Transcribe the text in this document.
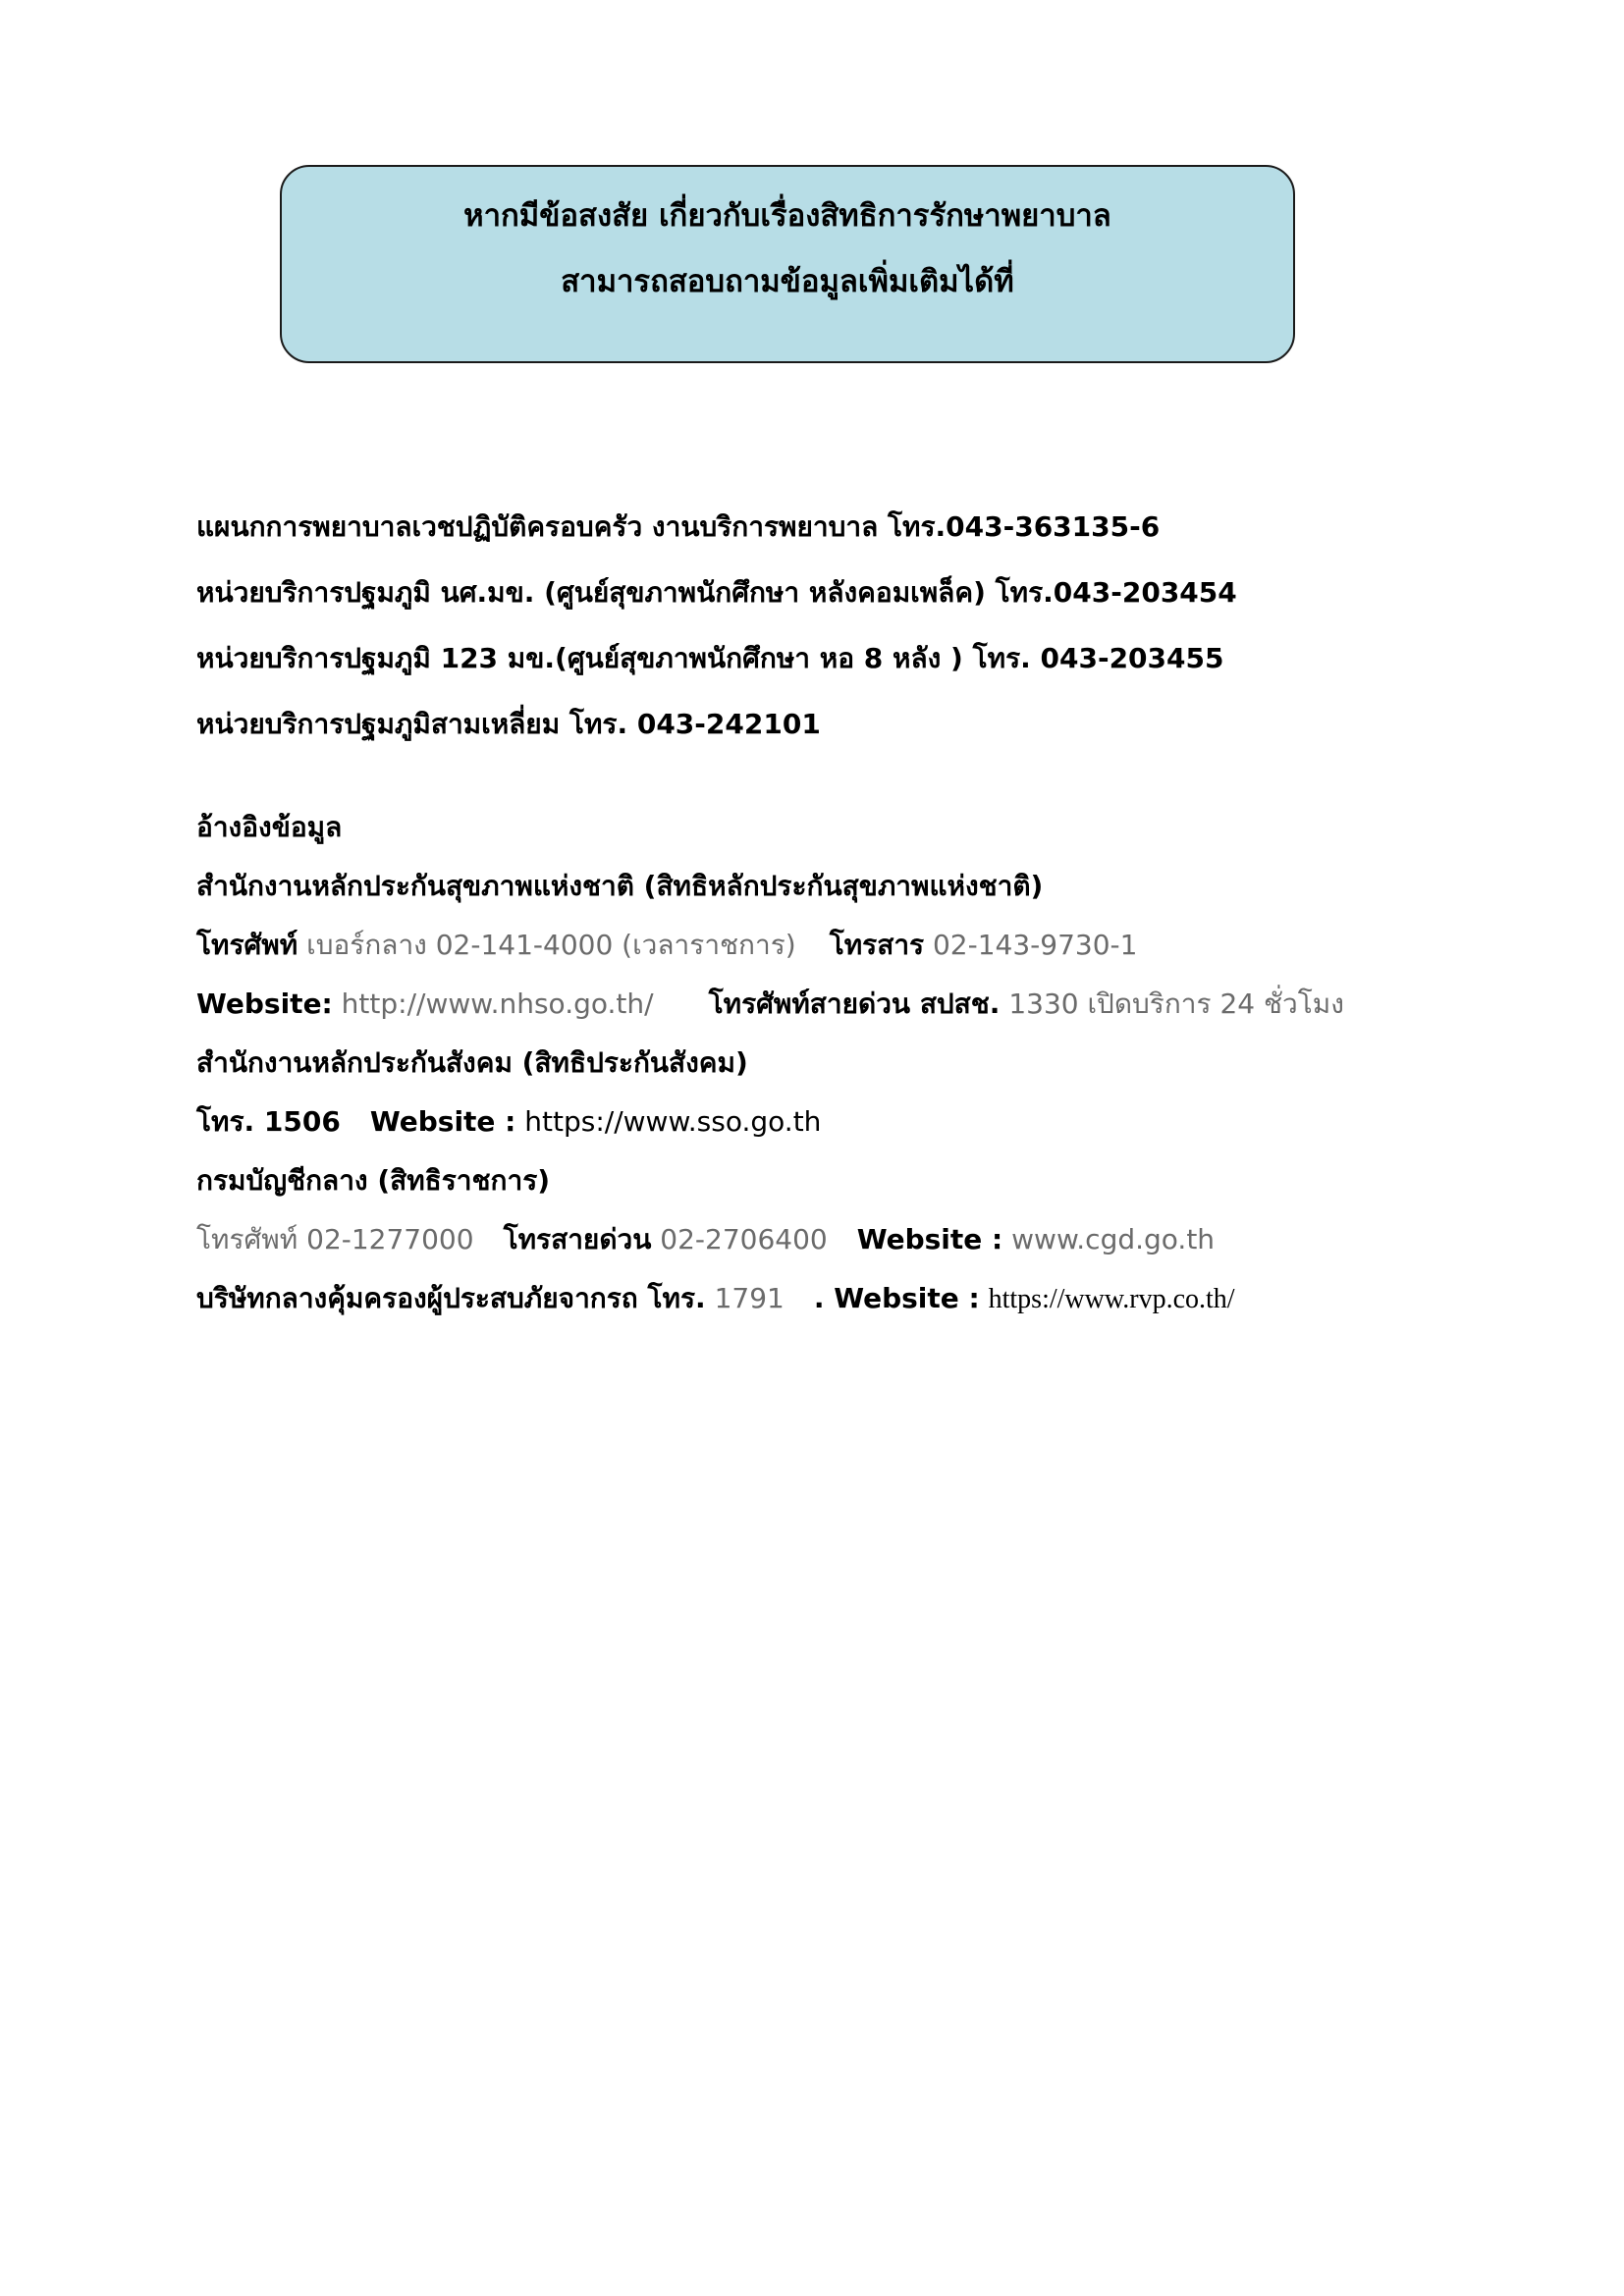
หากมีข้อสงสัย เกี่ยวกับเรื่องสิทธิการรักษาพยาบาล
สามารถสอบถามข้อมูลเพิ่มเติมได้ที่
แผนกการพยาบาลเวชปฏิบัติครอบครัว งานบริการพยาบาล โทร.043-363135-6
หน่วยบริการปฐมภูมิ นศ.มข. (ศูนย์สุขภาพนักศึกษา หลังคอมเพล็ค) โทร.043-203454
หน่วยบริการปฐมภูมิ 123 มข.(ศูนย์สุขภาพนักศึกษา หอ 8 หลัง ) โทร. 043-203455
หน่วยบริการปฐมภูมิสามเหลี่ยม โทร. 043-242101
อ้างอิงข้อมูล
สำนักงานหลักประกันสุขภาพแห่งชาติ (สิทธิหลักประกันสุขภาพแห่งชาติ)
โทรศัพท์ เบอร์กลาง 02-141-4000 (เวลาราชการ) โทรสาร 02-143-9730-1
Website: http://www.nhso.go.th/ โทรศัพท์สายด่วน สปสช. 1330 เปิดบริการ 24 ชั่วโมง
สำนักงานหลักประกันสังคม (สิทธิประกันสังคม)
โทร. 1506 Website : https://www.sso.go.th
กรมบัญชีกลาง (สิทธิราชการ)
โทรศัพท์ 02-1277000 โทรสายด่วน 02-2706400 Website : www.cgd.go.th
บริษัทกลางคุ้มครองผู้ประสบภัยจากรถ โทร. 1791 . Website : https://www.rvp.co.th/
